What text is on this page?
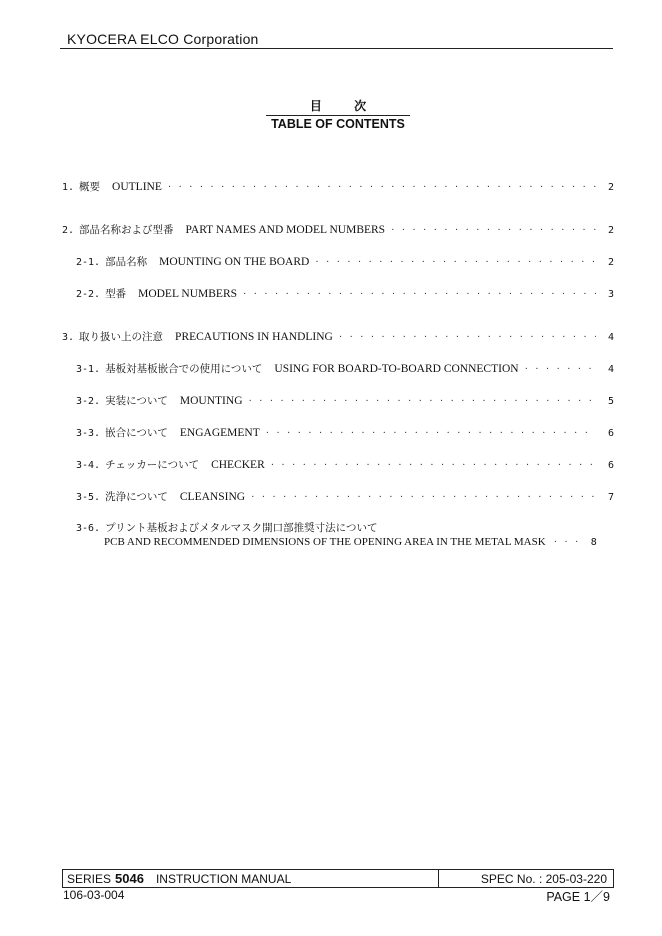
KYOCERA ELCO Corporation
目 次
TABLE OF CONTENTS
1. 概要 OUTLINE · · ·	2
2. 部品名称および型番 PART NAMES AND MODEL NUMBERS · · ·	2
2-1. 部品名称 MOUNTING ON THE BOARD · · ·	2
2-2. 型番 MODEL NUMBERS · · ·	3
3. 取り扱い上の注意 PRECAUTIONS IN HANDLING · · ·	4
3-1. 基板対基板嵌合での使用について USING FOR BOARD-TO-BOARD CONNECTION · · ·	4
3-2. 実装について MOUNTING · · ·	5
3-3. 嵌合について ENGAGEMENT · · ·	6
3-4. チェッカーについて CHECKER · · ·	6
3-5. 洗浄について CLEANSING · · ·	7
3-6. プリント基板およびメタルマスク開口部推奨寸法について
PCB AND RECOMMENDED DIMENSIONS OF THE OPENING AREA IN THE METAL MASK · · · 8
SERIES 5046 INSTRUCTION MANUAL	SPEC No. : 205-03-220
106-03-004	PAGE 1／9
